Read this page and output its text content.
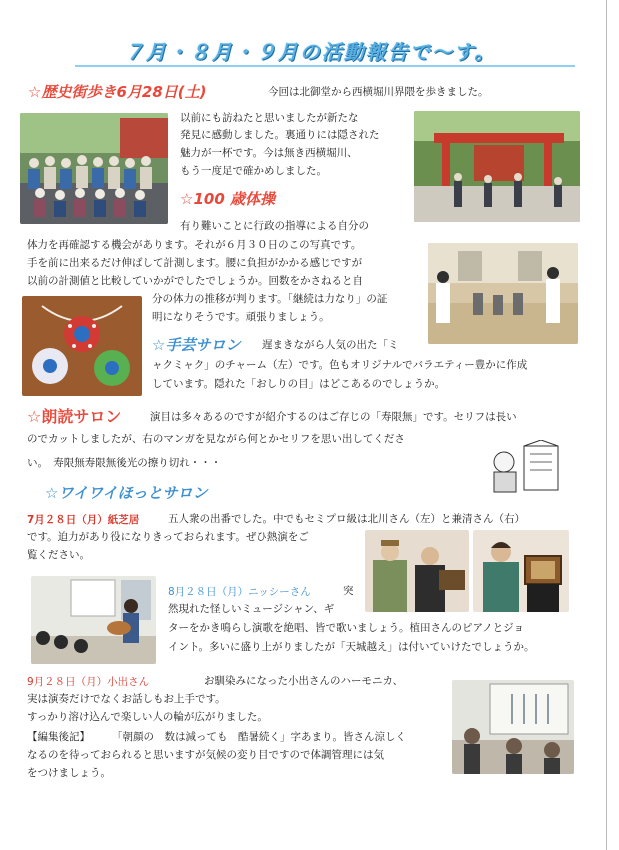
７月・８月・９月の活動報告で〜す。
☆歴史街歩き6月28日(土)	今回は北御堂から西横堀川界隈を歩きました。
以前にも訪ねたと思いましたが新たな
発見に感動しました。裏通りには隠された
魅力が一杯です。今は無き西横堀川、
もう一度足で確かめしました。
☆100 歳体操
有り難いことに行政の指導による自分の
体力を再確認する機会があります。それが６月３０日のこの写真です。
手を前に出来るだけ伸ばして計測します。腰に負担がかかる感じですが
以前の計測値と比較していかがでしたでしょうか。回数をかさねると自
分の体力の推移が判ります。「継続は力なり」の証
明になりそうです。頑張りましょう。
☆手芸サロン 遅まきながら人気の出た「ミ
ャクミャク」のチャーム（左）です。色もオリジナルでバラエティー豊かに作成
しています。隠れた「おしりの目」はどこあるのでしょうか。
☆朗読サロン	演目は多々あるのですが紹介するのはご存じの「寿限無」です。セリフは長い
のでカットしましたが、右のマンガを見ながら何とかセリフを思い出してくださ
い。　寿限無寿限無後光の擦り切れ・・・
☆ワイワイほっとサロン
7月２８日（月）紙芝居	五人衆の出番でした。中でもセミプロ級は北川さん（左）と兼清さん（右）
です。迫力があり役になりきっておられます。ぜひ熱演をご
覧ください。
8月２８日（月）ニッシーさん	突
然現れた怪しいミュージシャン、ギ
ターをかき鳴らし演歌を絶唱、皆で歌いましょう。植田さんのピアノとジョ
イント。多いに盛り上がりましたが「天城越え」は付いていけたでしょうか。
9月２８日（月）小出さん	お馴染みになった小出さんのハーモニカ、
実は演奏だけでなくお話しもお上手です。
すっかり溶け込んで楽しい人の輪が広がりました。
【編集後記】 「朝顔の　数は減っても　酷暑続く」字あまり。皆さん涼しく
なるのを待っておられると思いますが気候の変り目ですので体調管理には気
をつけましょう。
